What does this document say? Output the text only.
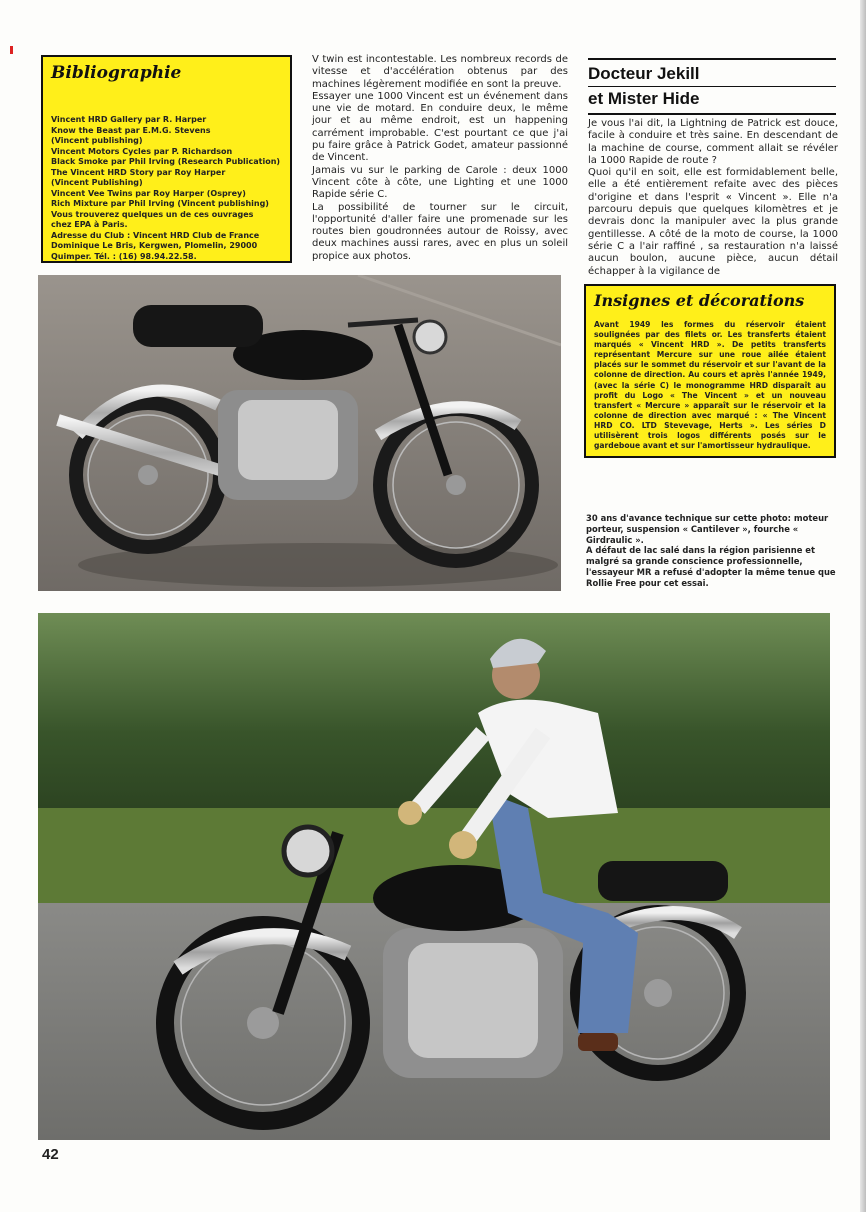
Bibliographie
Vincent HRD Gallery par R. Harper
Know the Beast par E.M.G. Stevens
(Vincent publishing)
Vincent Motors Cycles par P. Richardson
Black Smoke par Phil Irving (Research Publication)
The Vincent HRD Story par Roy Harper
(Vincent Publishing)
Vincent Vee Twins par Roy Harper (Osprey)
Rich Mixture par Phil Irving (Vincent publishing)
Vous trouverez quelques un de ces ouvrages
chez EPA à Paris.
Adresse du Club : Vincent HRD Club de France
Dominique Le Bris, Kergwen, Plomelin, 29000
Quimper. Tél. : (16) 98.94.22.58.

V twin est incontestable. Les nombreux records de vitesse et d'accélération obtenus par des machines légèrement modifiée en sont la preuve.

Essayer une 1000 Vincent est un événement dans une vie de motard. En conduire deux, le même jour et au même endroit, est un happening carrément improbable. C'est pourtant ce que j'ai pu faire grâce à Patrick Godet, amateur passionné de Vincent.

Jamais vu sur le parking de Carole : deux 1000 Vincent côte à côte, une Lighting et une 1000 Rapide série C.

La possibilité de tourner sur le circuit, l'opportunité d'aller faire une promenade sur les routes bien goudronnées autour de Roissy, avec deux machines aussi rares, avec en plus un soleil propice aux photos.

Docteur Jekill
et Mister Hide

Je vous l'ai dit, la Lightning de Patrick est douce, facile à conduire et très saine. En descendant de la machine de course, comment allait se révéler la 1000 Rapide de route ?

Quoi qu'il en soit, elle est formidablement belle, elle a été entièrement refaite avec des pièces d'origine et dans l'esprit « Vincent ». Elle n'a parcouru depuis que quelques kilomètres et je devrais donc la manipuler avec la plus grande gentillesse. A côté de la moto de course, la 1000 série C a l'air raffiné , sa restauration n'a laissé aucun boulon, aucune pièce, aucun détail échapper à la vigilance de

Insignes et décorations
Avant 1949 les formes du réservoir étaient soulignées par des filets or. Les transferts étaient marqués « Vincent HRD ». De petits transferts représentant Mercure sur une roue ailée étaient placés sur le sommet du réservoir et sur l'avant de la colonne de direction. Au cours et après l'année 1949, (avec la série C) le monogramme HRD disparaît au profit du Logo « The Vincent » et un nouveau transfert « Mercure » apparaît sur le réservoir et la colonne de direction avec marqué : « The Vincent HRD CO. LTD Stevevage, Herts ». Les séries D utilisèrent trois logos différents posés sur le gardeboue avant et sur l'amortisseur hydraulique.

30 ans d'avance technique sur cette photo: moteur porteur, suspension « Cantilever », fourche « Girdraulic ».

A défaut de lac salé dans la région parisienne et malgré sa grande conscience professionnelle, l'essayeur MR a refusé d'adopter la même tenue que Rollie Free pour cet essai.

42
